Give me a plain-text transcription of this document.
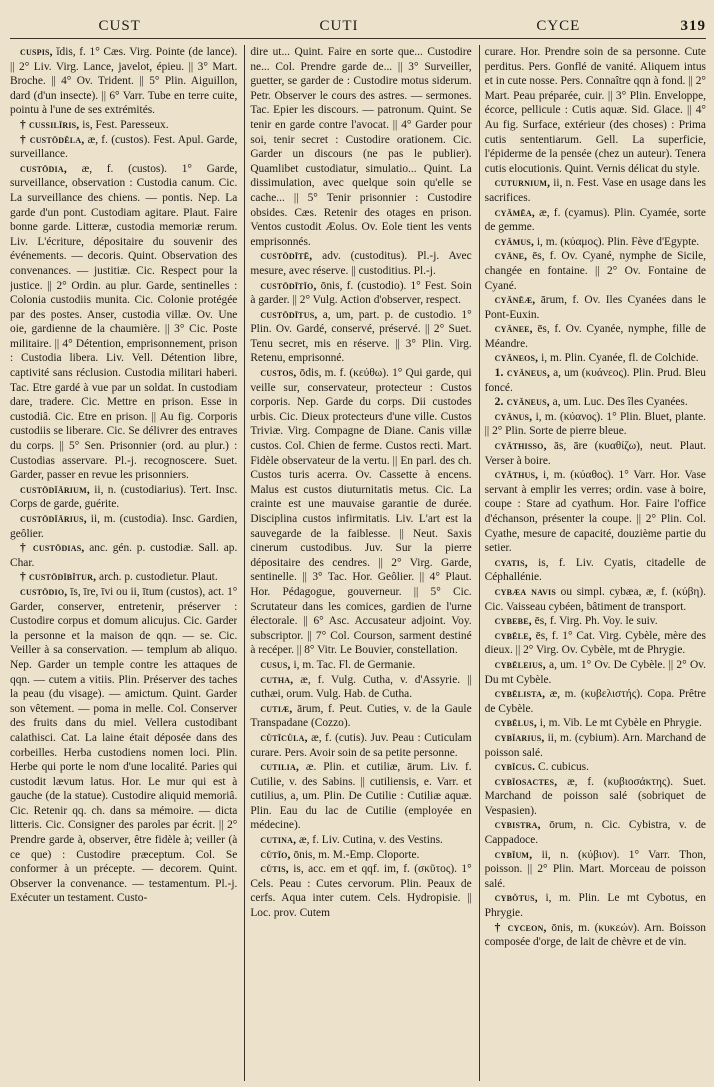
CUST	CUTI	CYCE	319

cuspis, ĭdis, f. 1° Cæs. Virg. Pointe (de lance). || 2° Liv. Virg. Lance, javelot, épieu. || 3° Mart. Broche. || 4° Ov. Trident. || 5° Plin. Aiguillon, dard (d'un insecte). || 6° Varr. Tube en terre cuite, pointu à l'une de ses extrémités.

† cussilĭris, is, Fest. Paresseux.

† custōdĕla, æ, f. (custos). Fest. Apul. Garde, surveillance.

custōdia, æ, f. (custos). 1° Garde, surveillance, observation : Custodia canum. Cic. La surveillance des chiens. — pontis. Nep. La garde d'un pont. Custodiam agitare. Plaut. Faire bonne garde. Litteræ, custodia memoriæ rerum. Liv. L'écriture, dépositaire du souvenir des événements. — decoris. Quint. Observation des convenances. — justitiæ. Cic. Respect pour la justice. || 2° Ordin. au plur. Garde, sentinelles : Colonia custodiis munita. Cic. Colonie protégée par des postes. Anser, custodia villæ. Ov. Une oie, gardienne de la chaumière. || 3° Cic. Poste militaire. || 4° Détention, emprisonnement, prison : Custodia libera. Liv. Vell. Détention libre, captivité sans réclusion. Custodia militari haberi. Tac. Etre gardé à vue par un soldat. In custodiam dare, tradere. Cic. Mettre en prison. Esse in custodiâ. Cic. Etre en prison. || Au fig. Corporis custodiis se liberare. Cic. Se délivrer des entraves du corps. || 5° Sen. Prisonnier (ord. au plur.) : Custodias asservare. Pl.-j. recognoscere. Suet. Garder, passer en revue les prisonniers.

custōdĭārium, ii, n. (custodiarius). Tert. Insc. Corps de garde, guérite.

custōdĭārius, ii, m. (custodia). Insc. Gardien, geôlier.

† custōdias, anc. gén. p. custodiæ. Sall. ap. Char.

† custōdībĭtur, arch. p. custodietur. Plaut.

custōdio, īs, īre, īvi ou ii, ītum (custos), act. 1° Garder, conserver, entretenir, préserver : Custodire corpus et domum alicujus. Cic. Garder la personne et la maison de qqn. — se. Cic. Veiller à sa conservation. — templum ab aliquo. Nep. Garder un temple contre les attaques de qqn. — cutem a vitiis. Plin. Préserver des taches la peau (du visage). — amictum. Quint. Garder son vêtement. — poma in melle. Col. Conserver des fruits dans du miel. Vellera custodibant calathisci. Cat. La laine était déposée dans des corbeilles. Herba custodiens nomen loci. Plin. Herbe qui porte le nom d'une localité. Paries qui custodit lævum latus. Hor. Le mur qui est à gauche (de la statue). Custodire aliquid memoriâ. Cic. Retenir qq. ch. dans sa mémoire. — dicta litteris. Cic. Consigner des paroles par écrit. || 2° Prendre garde à, observer, être fidèle à; veiller (à ce que) : Custodire præceptum. Col. Se conformer à un précepte. — decorem. Quint. Observer la convenance. — testamentum. Pl.-j. Exécuter un testament. Custo-

dire ut... Quint. Faire en sorte que... Custodire ne... Col. Prendre garde de... || 3° Surveiller, guetter, se garder de : Custodire motus siderum. Petr. Observer le cours des astres. — sermones. Tac. Epier les discours. — patronum. Quint. Se tenir en garde contre l'avocat. || 4° Garder pour soi, tenir secret : Custodire orationem. Cic. Garder un discours (ne pas le publier). Quamlibet custodiatur, simulatio... Quint. La dissimulation, avec quelque soin qu'elle se cache... || 5° Tenir prisonnier : Custodire obsides. Cæs. Retenir des otages en prison. Ventos custodit Æolus. Ov. Eole tient les vents emprisonnés.

custōdītē, adv. (custoditus). Pl.-j. Avec mesure, avec réserve. || custoditius. Pl.-j.

custōdītĭo, ōnis, f. (custodio). 1° Fest. Soin à garder. || 2° Vulg. Action d'observer, respect.

custōdītus, a, um, part. p. de custodio. 1° Plin. Ov. Gardé, conservé, préservé. || 2° Suet. Tenu secret, mis en réserve. || 3° Plin. Virg. Retenu, emprisonné.

custos, ōdis, m. f. (κεύθω). 1° Qui garde, qui veille sur, conservateur, protecteur : Custos corporis. Nep. Garde du corps. Dii custodes urbis. Cic. Dieux protecteurs d'une ville. Custos Triviæ. Virg. Compagne de Diane. Canis villæ custos. Col. Chien de ferme. Custos recti. Mart. Fidèle observateur de la vertu. || En parl. des ch. Custos turis acerra. Ov. Cassette à encens. Malus est custos diuturnitatis metus. Cic. La crainte est une mauvaise garantie de durée. Disciplina custos infirmitatis. Liv. L'art est la sauvegarde de la faiblesse. || Neut. Saxis cinerum custodibus. Juv. Sur la pierre dépositaire des cendres. || 2° Virg. Garde, sentinelle. || 3° Tac. Hor. Geôlier. || 4° Plaut. Hor. Pédagogue, gouverneur. || 5° Cic. Scrutateur dans les comices, gardien de l'urne électorale. || 6° Asc. Accusateur adjoint. Voy. subscriptor. || 7° Col. Courson, sarment destiné à recéper. || 8° Vitr. Le Bouvier, constellation.

cusus, i, m. Tac. Fl. de Germanie.

cutha, æ, f. Vulg. Cutha, v. d'Assyrie. || cuthæi, orum. Vulg. Hab. de Cutha.

cutiæ, ārum, f. Peut. Cuties, v. de la Gaule Transpadane (Cozzo).

cŭtĭcŭla, æ, f. (cutis). Juv. Peau : Cuticulam curare. Pers. Avoir soin de sa petite personne.

cutilia, æ. Plin. et cutiliæ, ārum. Liv. f. Cutilie, v. des Sabins. || cutiliensis, e. Varr. et cutilius, a, um. Plin. De Cutilie : Cutiliæ aquæ. Plin. Eau du lac de Cutilie (employée en médecine).

cutina, æ, f. Liv. Cutina, v. des Vestins.

cŭtĭo, ōnis, m. M.-Emp. Cloporte.

cŭtis, is, acc. em et qqf. im, f. (σκῦτος). 1° Cels. Peau : Cutes cervorum. Plin. Peaux de cerfs. Aqua inter cutem. Cels. Hydropisie. || Loc. prov. Cutem

curare. Hor. Prendre soin de sa personne. Cute perditus. Pers. Gonflé de vanité. Aliquem intus et in cute nosse. Pers. Connaître qqn à fond. || 2° Mart. Peau préparée, cuir. || 3° Plin. Enveloppe, écorce, pellicule : Cutis aquæ. Sid. Glace. || 4° Au fig. Surface, extérieur (des choses) : Prima cutis sententiarum. Gell. La superficie, l'épiderme de la pensée (chez un auteur). Tenera cutis elocutionis. Quint. Vernis délicat du style.

cuturnium, ii, n. Fest. Vase en usage dans les sacrifices.

cyămēa, æ, f. (cyamus). Plin. Cyamée, sorte de gemme.

cyămus, i, m. (κύαμος). Plin. Fève d'Egypte.

cyāne, ēs, f. Ov. Cyané, nymphe de Sicile, changée en fontaine. || 2° Ov. Fontaine de Cyané.

cyănēæ, ārum, f. Ov. Iles Cyanées dans le Pont-Euxin.

cyănee, ēs, f. Ov. Cyanée, nymphe, fille de Méandre.

cyăneos, i, m. Plin. Cyanée, fl. de Colchide.

1. cyăneus, a, um (κυάνεος). Plin. Prud. Bleu foncé.

2. cyăneus, a, um. Luc. Des îles Cyanées.

cyănus, i, m. (κύανος). 1° Plin. Bluet, plante. || 2° Plin. Sorte de pierre bleue.

cyăthisso, ās, āre (κυαθίζω), neut. Plaut. Verser à boire.

cyăthus, i, m. (κύαθος). 1° Varr. Hor. Vase servant à emplir les verres; ordin. vase à boire, coupe : Stare ad cyathum. Hor. Faire l'office d'échanson, présenter la coupe. || 2° Plin. Col. Cyathe, mesure de capacité, douzième partie du setier.

cyatis, is, f. Liv. Cyatis, citadelle de Céphallénie.

cybæa navis ou simpl. cybæa, æ, f. (κύβη). Cic. Vaisseau cybéen, bâtiment de transport.

cybebe, ēs, f. Virg. Ph. Voy. le suiv.

cybēle, ēs, f. 1° Cat. Virg. Cybèle, mère des dieux. || 2° Virg. Ov. Cybèle, mt de Phrygie.

cybēleius, a, um. 1° Ov. De Cybèle. || 2° Ov. Du mt Cybèle.

cybēlista, æ, m. (κυβελιστής). Copa. Prêtre de Cybèle.

cybēlus, i, m. Vib. Le mt Cybèle en Phrygie.

cybĭarius, ii, m. (cybium). Arn. Marchand de poisson salé.

cybĭcus. C. cubicus.

cybĭosactes, æ, f. (κυβιοσάκτης). Suet. Marchand de poisson salé (sobriquet de Vespasien).

cybistra, ōrum, n. Cic. Cybistra, v. de Cappadoce.

cybĭum, ii, n. (κύβιον). 1° Varr. Thon, poisson. || 2° Plin. Mart. Morceau de poisson salé.

cybŏtus, i, m. Plin. Le mt Cybotus, en Phrygie.

† cyceon, ōnis, m. (κυκεών). Arn. Boisson composée d'orge, de lait de chèvre et de vin.
